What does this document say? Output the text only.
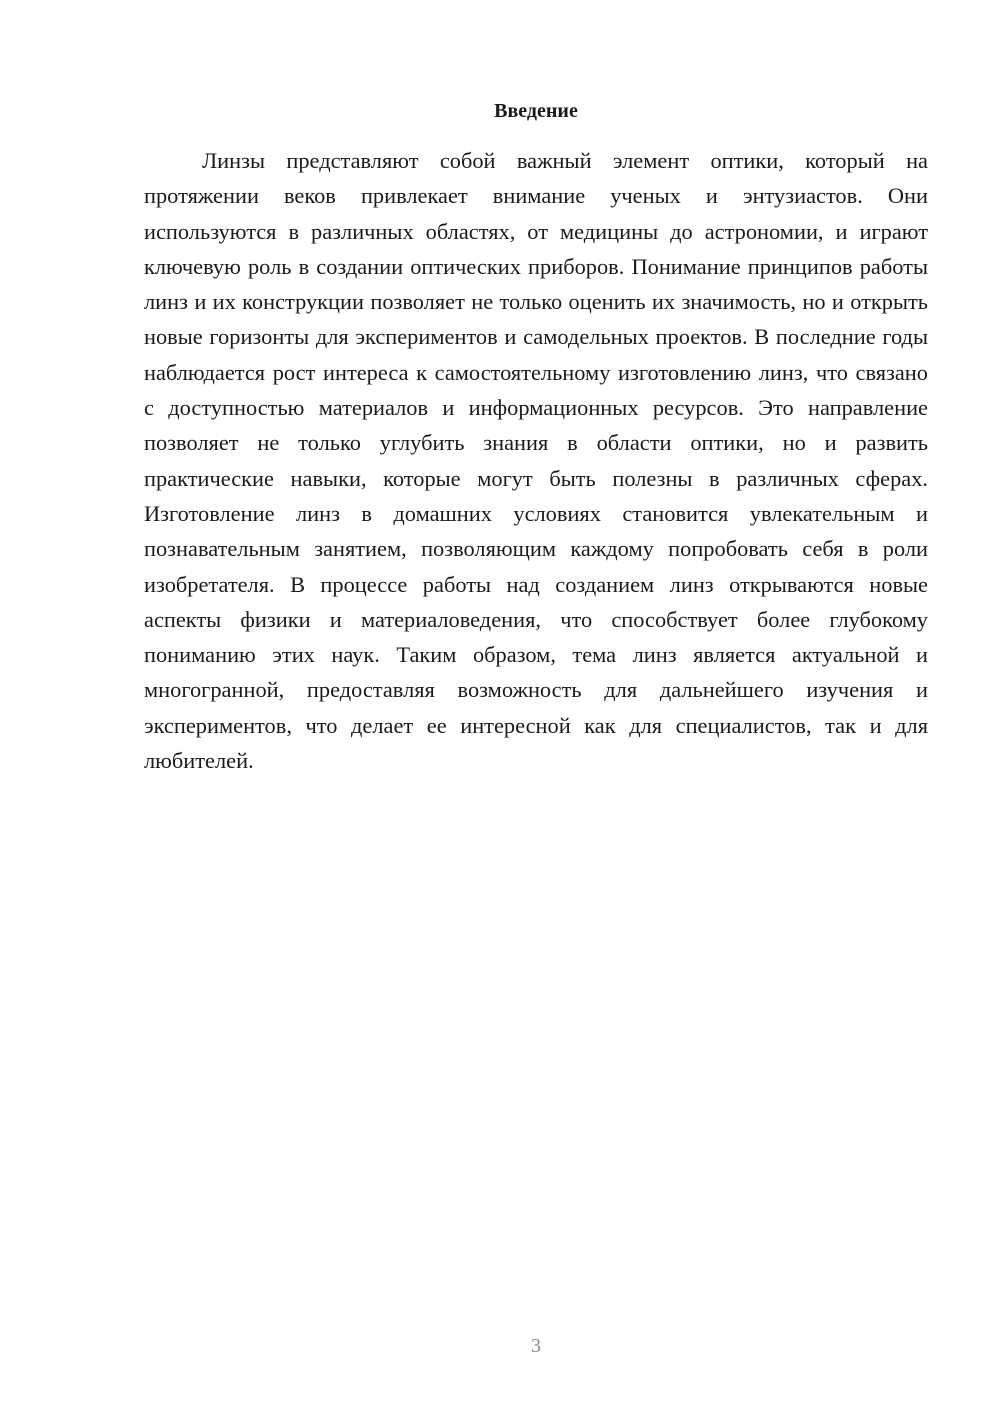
Введение

Линзы представляют собой важный элемент оптики, который на протяжении веков привлекает внимание ученых и энтузиастов. Они используются в различных областях, от медицины до астрономии, и играют ключевую роль в создании оптических приборов. Понимание принципов работы линз и их конструкции позволяет не только оценить их значимость, но и открыть новые горизонты для экспериментов и самодельных проектов. В последние годы наблюдается рост интереса к самостоятельному изготовлению линз, что связано с доступностью материалов и информационных ресурсов. Это направление позволяет не только углубить знания в области оптики, но и развить практические навыки, которые могут быть полезны в различных сферах. Изготовление линз в домашних условиях становится увлекательным и познавательным занятием, позволяющим каждому попробовать себя в роли изобретателя. В процессе работы над созданием линз открываются новые аспекты физики и материаловедения, что способствует более глубокому пониманию этих наук. Таким образом, тема линз является актуальной и многогранной, предоставляя возможность для дальнейшего изучения и экспериментов, что делает ее интересной как для специалистов, так и для любителей.

3
